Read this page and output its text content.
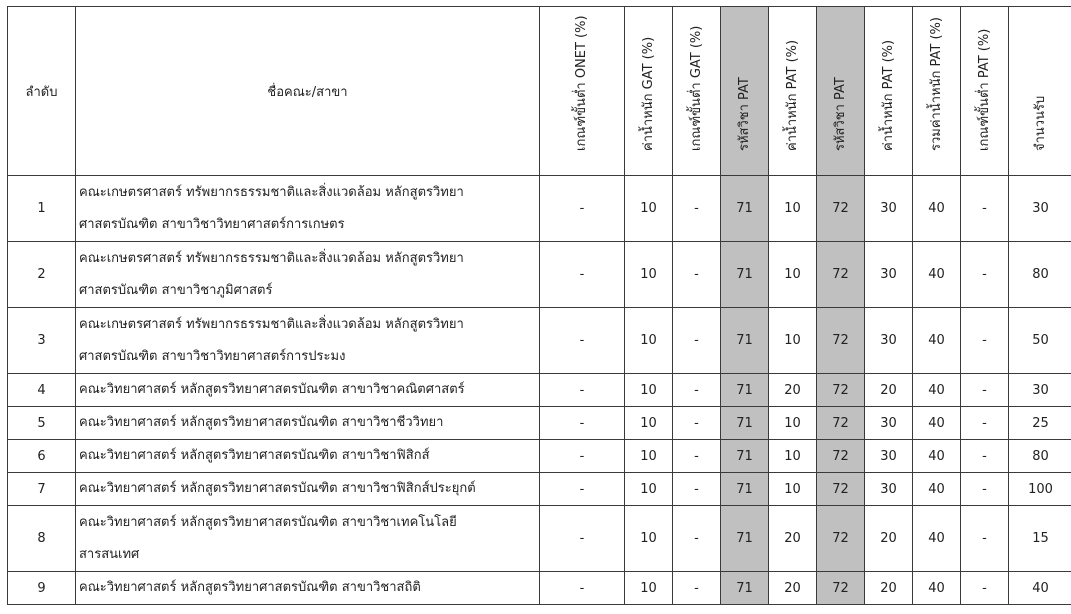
ลำดับ	ชื่อคณะ/สาขา	เกณฑ์ขั้นต่ำ ONET (%)	ค่าน้ำหนัก GAT (%)	เกณฑ์ขั้นต่ำ GAT (%)	รหัสวิชา PAT	ค่าน้ำหนัก PAT (%)	รหัสวิชา PAT	ค่าน้ำหนัก PAT (%)	รวมค่าน้ำหนัก PAT (%)	เกณฑ์ขั้นต่ำ PAT (%)	จำนวนรับ

1	คณะเกษตรศาสตร์ ทรัพยากรธรรมชาติและสิ่งแวดล้อม หลักสูตรวิทยา
ศาสตรบัณฑิต สาขาวิชาวิทยาศาสตร์การเกษตร	-	10	-	71	10	72	30	40	-	30
2	คณะเกษตรศาสตร์ ทรัพยากรธรรมชาติและสิ่งแวดล้อม หลักสูตรวิทยา
ศาสตรบัณฑิต สาขาวิชาภูมิศาสตร์	-	10	-	71	10	72	30	40	-	80
3	คณะเกษตรศาสตร์ ทรัพยากรธรรมชาติและสิ่งแวดล้อม หลักสูตรวิทยา
ศาสตรบัณฑิต สาขาวิชาวิทยาศาสตร์การประมง	-	10	-	71	10	72	30	40	-	50
4	คณะวิทยาศาสตร์ หลักสูตรวิทยาศาสตรบัณฑิต สาขาวิชาคณิตศาสตร์	-	10	-	71	20	72	20	40	-	30
5	คณะวิทยาศาสตร์ หลักสูตรวิทยาศาสตรบัณฑิต สาขาวิชาชีววิทยา	-	10	-	71	10	72	30	40	-	25
6	คณะวิทยาศาสตร์ หลักสูตรวิทยาศาสตรบัณฑิต สาขาวิชาฟิสิกส์	-	10	-	71	10	72	30	40	-	80
7	คณะวิทยาศาสตร์ หลักสูตรวิทยาศาสตรบัณฑิต สาขาวิชาฟิสิกส์ประยุกต์	-	10	-	71	10	72	30	40	-	100
8	คณะวิทยาศาสตร์ หลักสูตรวิทยาศาสตรบัณฑิต สาขาวิชาเทคโนโลยี
สารสนเทศ	-	10	-	71	20	72	20	40	-	15
9	คณะวิทยาศาสตร์ หลักสูตรวิทยาศาสตรบัณฑิต สาขาวิชาสถิติ	-	10	-	71	20	72	20	40	-	40
